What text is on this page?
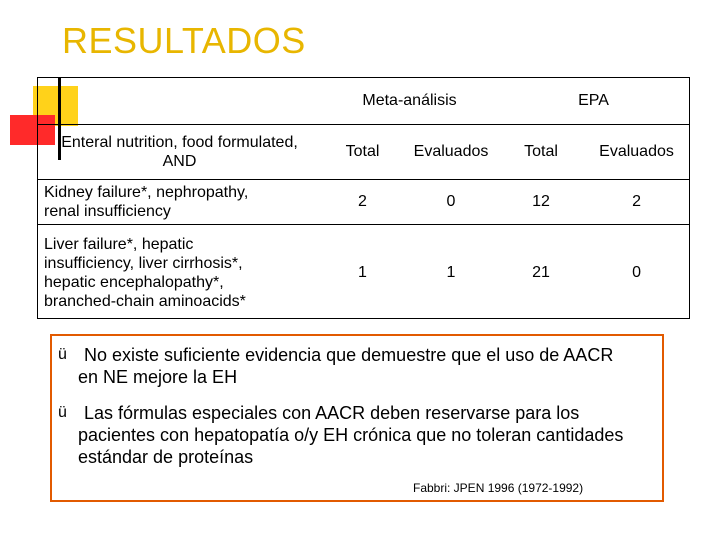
RESULTADOS
	Meta-análisis		EPA	

Enteral nutrition, food formulated,
AND	Total	Evaluados	Total	Evaluados

Kidney failure*, nephropathy,
renal insufficiency	2	0	12	2

Liver failure*, hepatic
insufficiency, liver cirrhosis*,
hepatic encephalopathy*,
branched-chain aminoacids*	1	1	21	0
ü No existe suficiente evidencia que demuestre que el uso de AACR en NE mejore la EH
ü Las fórmulas especiales con AACR deben reservarse para los pacientes con hepatopatía o/y EH crónica que no toleran cantidades estándar de proteínas
Fabbri: JPEN 1996 (1972-1992)
